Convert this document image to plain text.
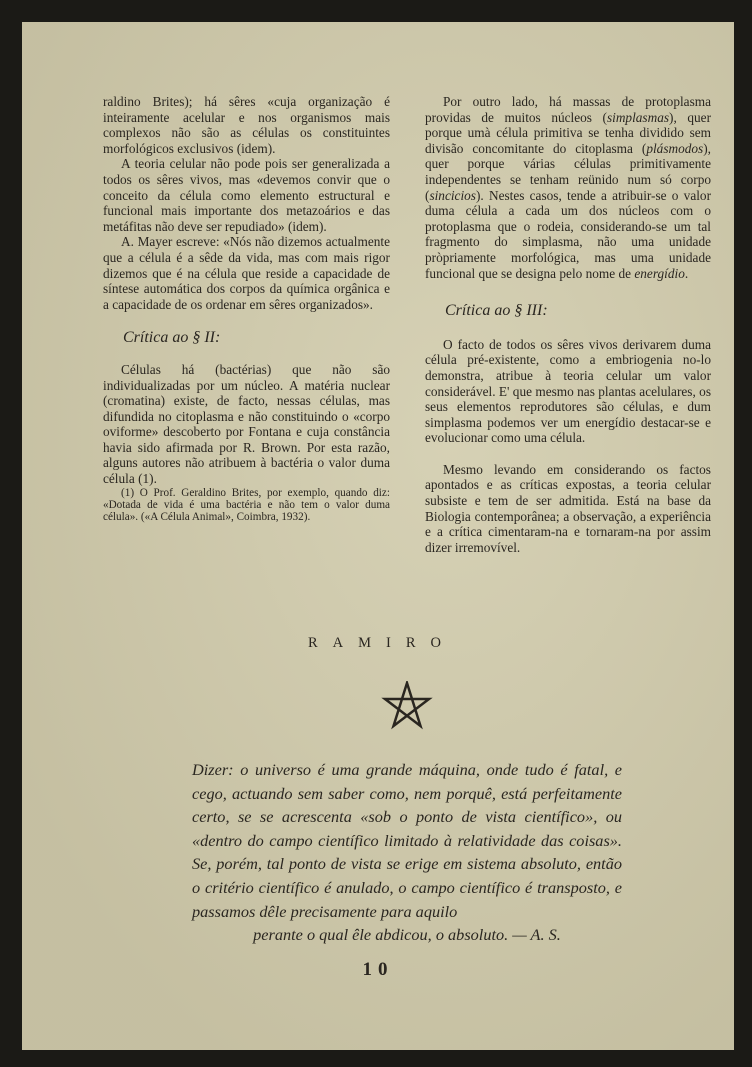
raldino Brites); há sêres «cuja organização é inteiramente acelular e nos organismos mais complexos não são as células os constituintes morfológicos exclusivos (idem).

A teoria celular não pode pois ser generalizada a todos os sêres vivos, mas «devemos convir que o conceito da célula como elemento estructural e funcional mais importante dos metazoários e das metáfitas não deve ser repudiado» (idem).

A. Mayer escreve: «Nós não dizemos actualmente que a célula é a sêde da vida, mas com mais rigor dizemos que é na célula que reside a capacidade de síntese automática dos corpos da química orgânica e a capacidade de os ordenar em sêres organizados».

Crítica ao § II:

Células há (bactérias) que não são individualizadas por um núcleo. A matéria nuclear (cromatina) existe, de facto, nessas células, mas difundida no citoplasma e não constituindo o «corpo oviforme» descoberto por Fontana e cuja constância havia sido afirmada por R. Brown. Por esta razão, alguns autores não atribuem à bactéria o valor duma célula (1).

(1) O Prof. Geraldino Brites, por exemplo, quando diz: «Dotada de vida é uma bactéria e não tem o valor duma célula». («A Célula Animal», Coimbra, 1932).

Por outro lado, há massas de protoplasma providas de muitos núcleos (simplasmas), quer porque umà célula primitiva se tenha dividido sem divisão concomitante do citoplasma (plásmodos), quer porque várias células primitivamente independentes se tenham reünido num só corpo (sincicios). Nestes casos, tende a atribuir-se o valor duma célula a cada um dos núcleos com o protoplasma que o rodeia, considerando-se um tal fragmento do simplasma, não uma unidade pròpriamente morfológica, mas uma unidade funcional que se designa pelo nome de energídio.

Crítica ao § III:

O facto de todos os sêres vivos derivarem duma célula pré-existente, como a embriogenia no-lo demonstra, atribue à teoria celular um valor considerável. E' que mesmo nas plantas acelulares, os seus elementos reprodutores são células, e dum simplasma podemos ver um energídio destacar-se e evolucionar como uma célula.

Mesmo levando em considerando os factos apontados e as críticas expostas, a teoria celular subsiste e tem de ser admitida. Está na base da Biologia contemporânea; a observação, a experiência e a crítica cimentaram-na e tornaram-na por assim dizer irremovível.

RAMIRO
Dizer: o universo é uma grande máquina, onde tudo é fatal, e cego, actuando sem saber como, nem porquê, está perfeitamente certo, se se acrescenta «sob o ponto de vista científico», ou «dentro do campo científico limitado à relatividade das coisas». Se, porém, tal ponto de vista se erige em sistema absoluto, então o critério científico é anulado, o campo científico é transposto, e passamos dêle precisamente para aquilo
perante o qual êle abdicou, o absoluto. — A. S.
10
